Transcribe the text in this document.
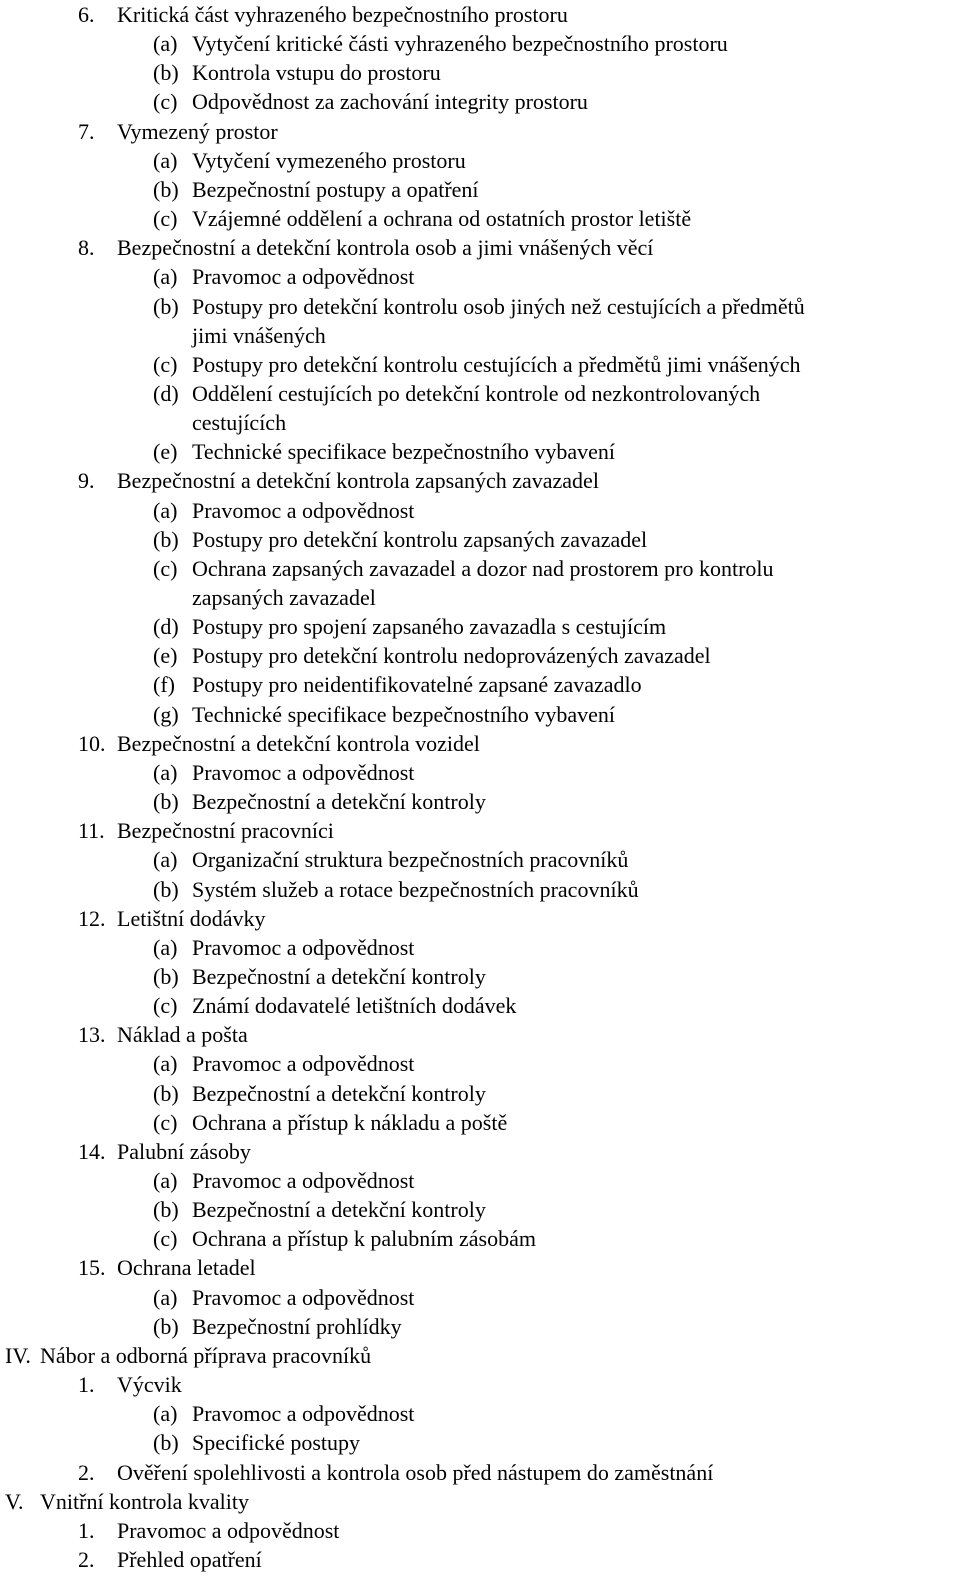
6. Kritická část vyhrazeného bezpečnostního prostoru
(a) Vytyčení kritické části vyhrazeného bezpečnostního prostoru
(b) Kontrola vstupu do prostoru
(c) Odpovědnost za zachování integrity prostoru
7. Vymezený prostor
(a) Vytyčení vymezeného prostoru
(b) Bezpečnostní postupy a opatření
(c) Vzájemné oddělení a ochrana od ostatních prostor letiště
8. Bezpečnostní a detekční kontrola osob a jimi vnášených věcí
(a) Pravomoc a odpovědnost
(b) Postupy pro detekční kontrolu osob jiných než cestujících a předmětů
jimi vnášených
(c) Postupy pro detekční kontrolu cestujících a předmětů jimi vnášených
(d) Oddělení cestujících po detekční kontrole od nezkontrolovaných
cestujících
(e) Technické specifikace bezpečnostního vybavení
9. Bezpečnostní a detekční kontrola zapsaných zavazadel
(a) Pravomoc a odpovědnost
(b) Postupy pro detekční kontrolu zapsaných zavazadel
(c) Ochrana zapsaných zavazadel a dozor nad prostorem pro kontrolu
zapsaných zavazadel
(d) Postupy pro spojení zapsaného zavazadla s cestujícím
(e) Postupy pro detekční kontrolu nedoprovázených zavazadel
(f) Postupy pro neidentifikovatelné zapsané zavazadlo
(g) Technické specifikace bezpečnostního vybavení
10. Bezpečnostní a detekční kontrola vozidel
(a) Pravomoc a odpovědnost
(b) Bezpečnostní a detekční kontroly
11. Bezpečnostní pracovníci
(a) Organizační struktura bezpečnostních pracovníků
(b) Systém služeb a rotace bezpečnostních pracovníků
12. Letištní dodávky
(a) Pravomoc a odpovědnost
(b) Bezpečnostní a detekční kontroly
(c) Známí dodavatelé letištních dodávek
13. Náklad a pošta
(a) Pravomoc a odpovědnost
(b) Bezpečnostní a detekční kontroly
(c) Ochrana a přístup k nákladu a poště
14. Palubní zásoby
(a) Pravomoc a odpovědnost
(b) Bezpečnostní a detekční kontroly
(c) Ochrana a přístup k palubním zásobám
15. Ochrana letadel
(a) Pravomoc a odpovědnost
(b) Bezpečnostní prohlídky
IV. Nábor a odborná příprava pracovníků
1. Výcvik
(a) Pravomoc a odpovědnost
(b) Specifické postupy
2. Ověření spolehlivosti a kontrola osob před nástupem do zaměstnání
V. Vnitřní kontrola kvality
1. Pravomoc a odpovědnost
2. Přehled opatření
